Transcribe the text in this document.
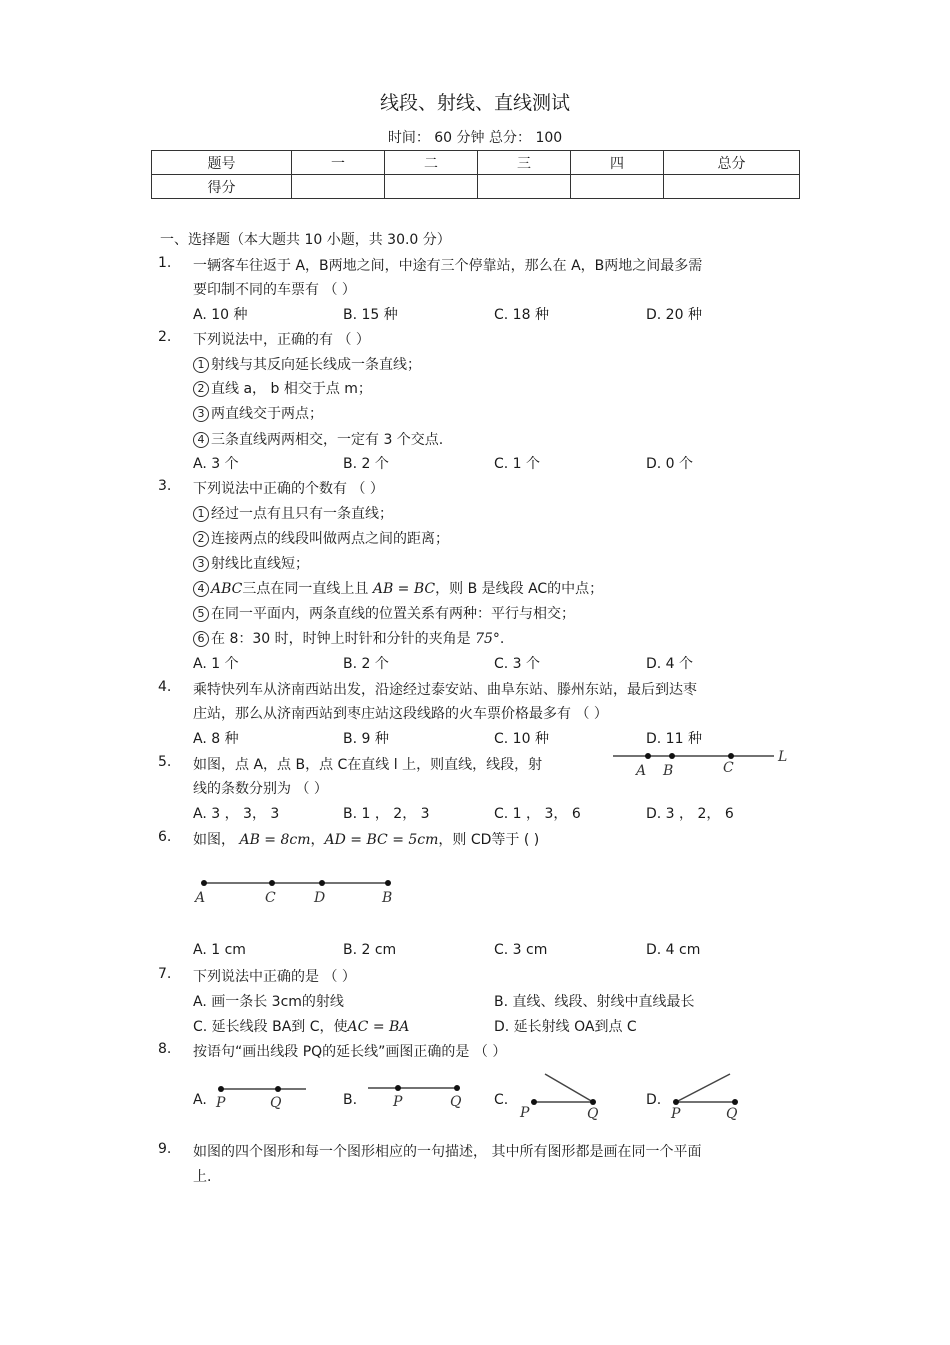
线段、射线、直线测试
时间： 60 分钟 总分： 100
题号	一	二	三	四	总分
得分					
一、选择题（本大题共 10 小题，共 30.0 分）
1. 一辆客车往返于 A，B两地之间，中途有三个停靠站，那么在 A，B两地之间最多需
要印制不同的车票有 （ ）
A. 10 种	B. 15 种	C. 18 种	D. 20 种
2. 下列说法中，正确的有 （ ）
1 射线与其反向延长线成一条直线；
2 直线 a， b 相交于点 m；
3 两直线交于两点；
4 三条直线两两相交，一定有 3 个交点.
A. 3 个	B. 2 个	C. 1 个	D. 0 个
3. 下列说法中正确的个数有 （ ）
1 经过一点有且只有一条直线；
2 连接两点的线段叫做两点之间的距离；
3 射线比直线短；
4 ABC三点在同一直线上且 AB = BC，则 B 是线段 AC的中点；
5 在同一平面内，两条直线的位置关系有两种：平行与相交；
6 在 8：30 时，时钟上时针和分针的夹角是 75°.
A. 1 个	B. 2 个	C. 3 个	D. 4 个
4. 乘特快列车从济南西站出发，沿途经过泰安站、曲阜东站、滕州东站，最后到达枣
庄站，那么从济南西站到枣庄站这段线路的火车票价格最多有 （ ）
A. 8 种	B. 9 种	C. 10 种	D. 11 种
5. 如图，点 A，点 B，点 C在直线 l 上，则直线，线段，射
线的条数分别为 （ ）
A B	C
L
A. 3 ， 3， 3	B. 1 ， 2， 3	C. 1 ， 3， 6	D. 3 ， 2， 6
6. 如图， AB = 8cm，AD = BC = 5cm，则 CD等于 ( )
A	C	D	B
A. 1 cm	B. 2 cm	C. 3 cm	D. 4 cm
7. 下列说法中正确的是 （ ）
A. 画一条长 3cm的射线	B. 直线、线段、射线中直线最长
C. 延长线段 BA到 C，使AC = BA	D. 延长射线 OA到点 C
8. 按语句“画出线段 PQ的延长线”画图正确的是 （ ）
A. P	Q	B.	P	Q C.
P	Q
D.
P	Q
9. 如图的四个图形和每一个图形相应的一句描述， 其中所有图形都是画在同一个平面
上.
